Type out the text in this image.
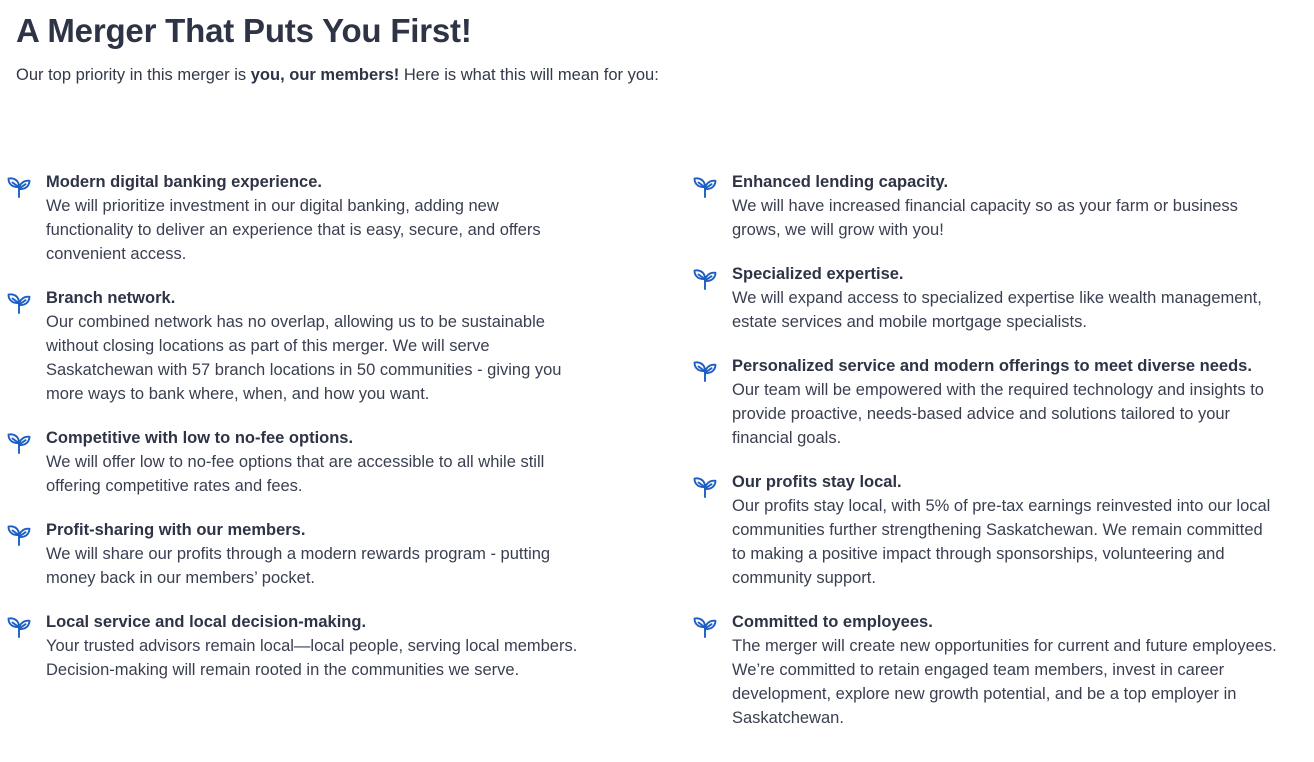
A Merger That Puts You First!

Our top priority in this merger is you, our members! Here is what this will mean for you:

Modern digital banking experience.

We will prioritize investment in our digital banking, adding new
functionality to deliver an experience that is easy, secure, and offers
convenient access.

Branch network.

Our combined network has no overlap, allowing us to be sustainable
without closing locations as part of this merger. We will serve
Saskatchewan with 57 branch locations in 50 communities - giving you
more ways to bank where, when, and how you want.

Competitive with low to no-fee options.

We will offer low to no-fee options that are accessible to all while still
offering competitive rates and fees.

Profit-sharing with our members.

We will share our profits through a modern rewards program - putting
money back in our members’ pocket.

Local service and local decision-making.

Your trusted advisors remain local—local people, serving local members.
Decision-making will remain rooted in the communities we serve.

Enhanced lending capacity.

We will have increased financial capacity so as your farm or business
grows, we will grow with you!

Specialized expertise.

We will expand access to specialized expertise like wealth management,
estate services and mobile mortgage specialists.

Personalized service and modern offerings to meet diverse needs.

Our team will be empowered with the required technology and insights to
provide proactive, needs-based advice and solutions tailored to your
financial goals.

Our profits stay local.

Our profits stay local, with 5% of pre-tax earnings reinvested into our local
communities further strengthening Saskatchewan. We remain committed
to making a positive impact through sponsorships, volunteering and
community support.

Committed to employees.

The merger will create new opportunities for current and future employees.
We’re committed to retain engaged team members, invest in career
development, explore new growth potential, and be a top employer in
Saskatchewan.
